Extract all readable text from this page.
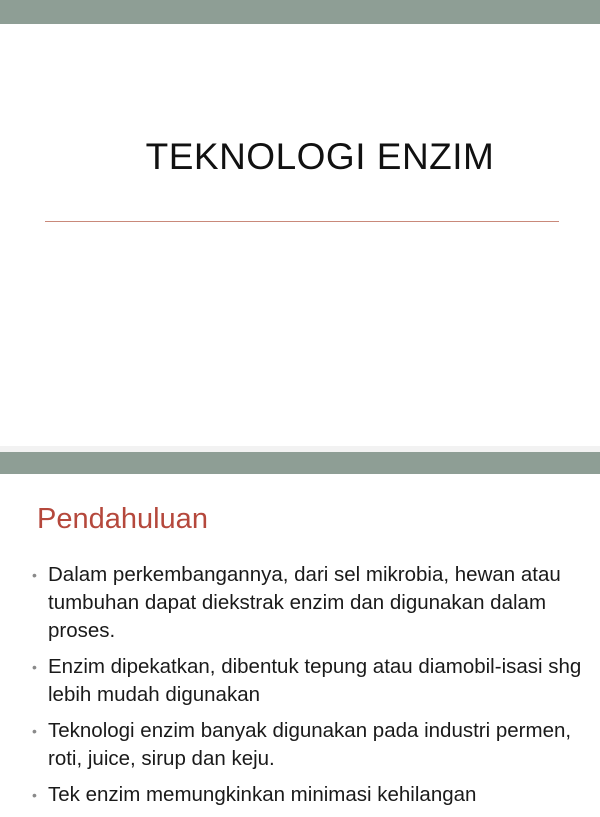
TEKNOLOGI ENZIM
Pendahuluan
• Dalam perkembangannya, dari sel mikrobia, hewan atau tumbuhan dapat diekstrak enzim dan digunakan dalam proses.
• Enzim dipekatkan, dibentuk tepung atau diamobil-isasi shg lebih mudah digunakan
• Teknologi enzim banyak digunakan pada industri permen, roti, juice, sirup dan keju.
• Tek enzim memungkinkan minimasi kehilangan
